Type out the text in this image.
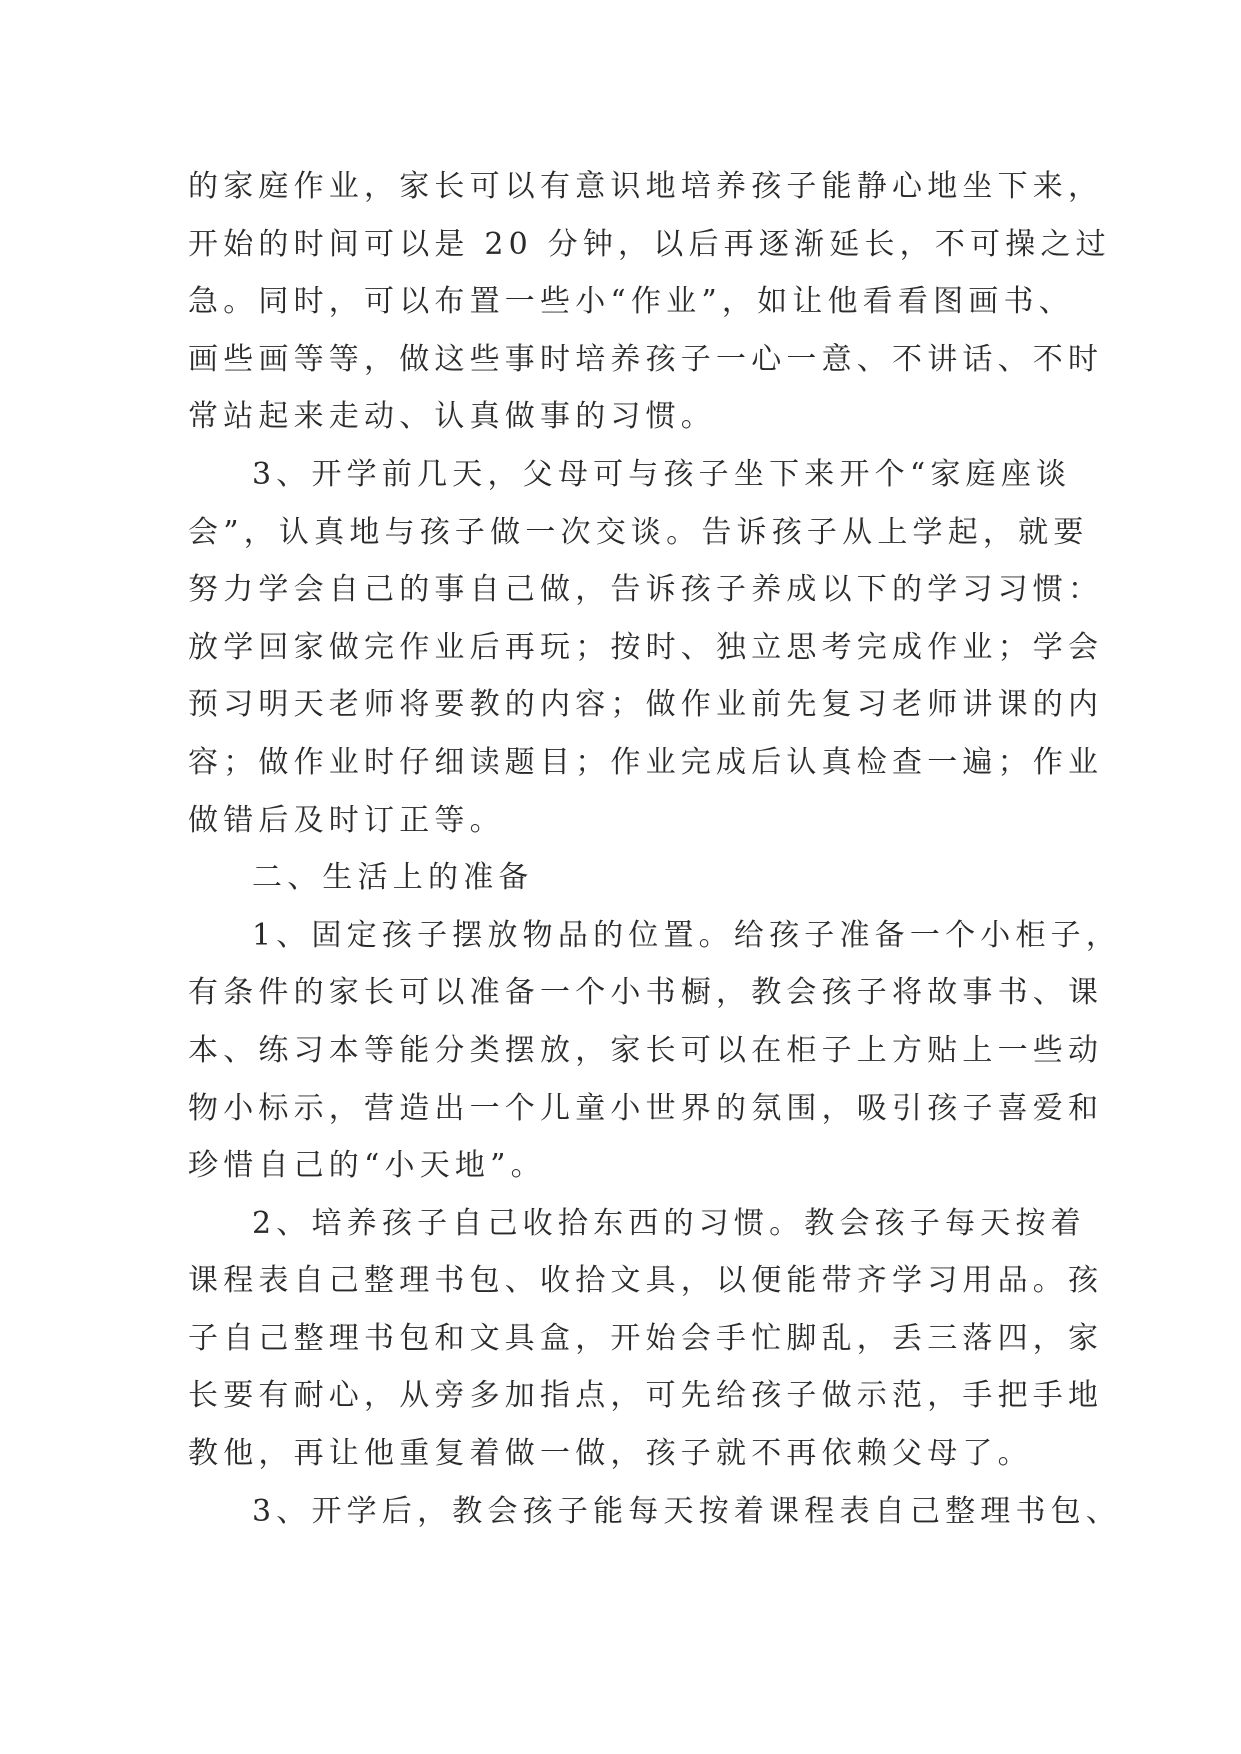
的家庭作业，家长可以有意识地培养孩子能静心地坐下来，
开始的时间可以是 20 分钟，以后再逐渐延长，不可操之过
急。同时，可以布置一些小“作业”，如让他看看图画书、
画些画等等，做这些事时培养孩子一心一意、不讲话、不时
常站起来走动、认真做事的习惯。
3、开学前几天，父母可与孩子坐下来开个“家庭座谈
会”，认真地与孩子做一次交谈。告诉孩子从上学起，就要
努力学会自己的事自己做，告诉孩子养成以下的学习习惯：
放学回家做完作业后再玩；按时、独立思考完成作业；学会
预习明天老师将要教的内容；做作业前先复习老师讲课的内
容；做作业时仔细读题目；作业完成后认真检查一遍；作业
做错后及时订正等。
二、生活上的准备
1、固定孩子摆放物品的位置。给孩子准备一个小柜子，
有条件的家长可以准备一个小书橱，教会孩子将故事书、课
本、练习本等能分类摆放，家长可以在柜子上方贴上一些动
物小标示，营造出一个儿童小世界的氛围，吸引孩子喜爱和
珍惜自己的“小天地”。
2、培养孩子自己收拾东西的习惯。教会孩子每天按着
课程表自己整理书包、收拾文具，以便能带齐学习用品。孩
子自己整理书包和文具盒，开始会手忙脚乱，丢三落四，家
长要有耐心，从旁多加指点，可先给孩子做示范，手把手地
教他，再让他重复着做一做，孩子就不再依赖父母了。
3、开学后，教会孩子能每天按着课程表自己整理书包、
